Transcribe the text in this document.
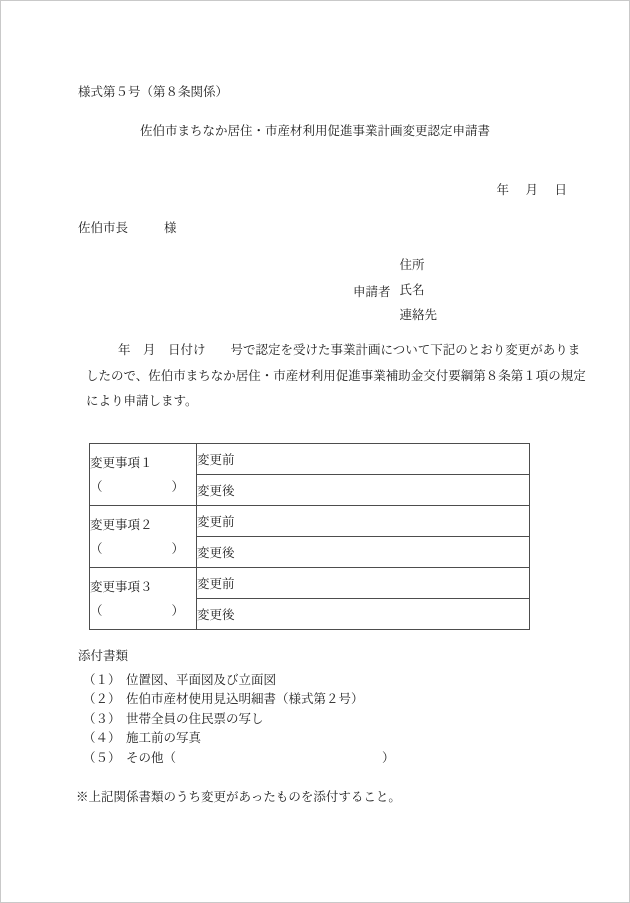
様式第５号（第８条関係）
佐伯市まちなか居住・市産材利用促進事業計画変更認定申請書
年　月　日
佐伯市長	様
申請者
住所
氏名
連絡先
年　月　日付け　　号で認定を受けた事業計画について下記のとおり変更がありま
したので、佐伯市まちなか居住・市産材利用促進事業補助金交付要綱第８条第１項の規定
により申請します。
変更事項１
（ ）	変更前
	変更後

変更事項２
（ ）	変更前
	変更後

変更事項３
（ ）	変更前
	変更後
添付書類
（１） 位置図、平面図及び立面図
（２） 佐伯市産材使用見込明細書（様式第２号）
（３） 世帯全員の住民票の写し
（４） 施工前の写真
（５） その他（	）
※上記関係書類のうち変更があったものを添付すること。
